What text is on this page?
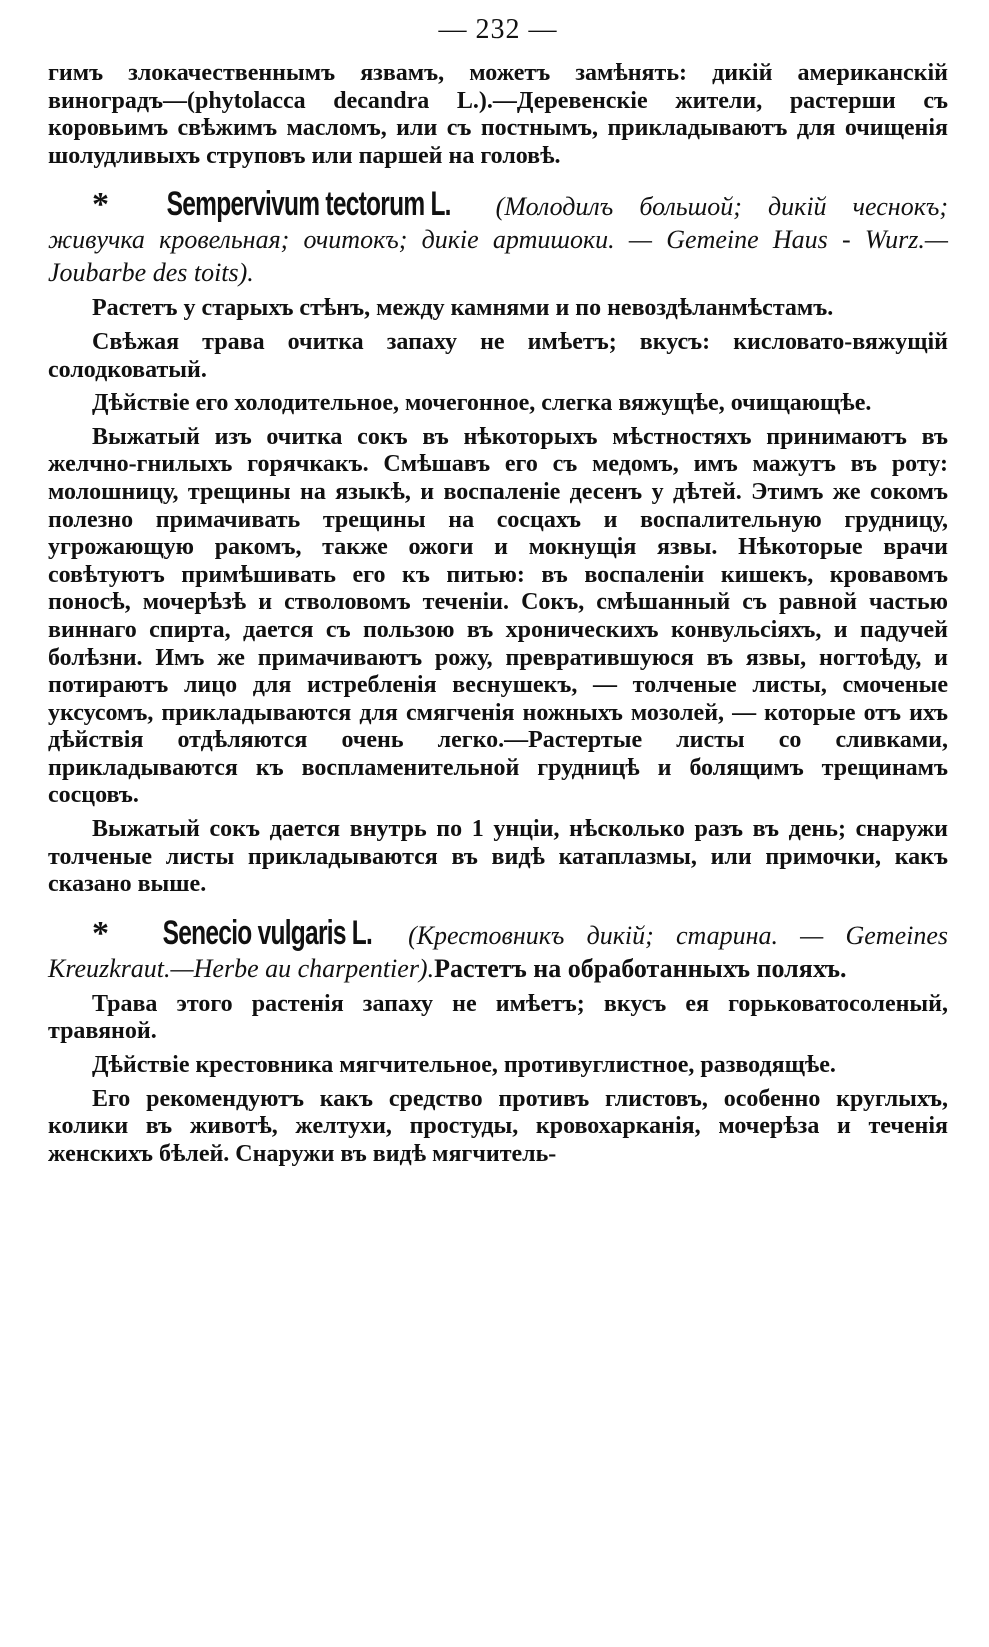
— 232 —

гимъ злокачественнымъ язвамъ, можетъ замѣнять: дикій американскій виноградъ—(phytolacca decandra L.).—Деревенскіе жители, растерши съ коровьимъ свѣжимъ масломъ, или съ постнымъ, прикладываютъ для очищенія шолудливыхъ струповъ или паршей на головѣ.

* Sempervivum tectorum L. (Молодилъ большой; дикій чеснокъ; живучка кровельная; очитокъ; дикіе артишоки. — Gemeine Haus - Wurz.—Joubarbe des toits).

Растетъ у старыхъ стѣнъ, между камнями и по невоздѣланмѣстамъ.

Свѣжая трава очитка запаху не имѣетъ; вкусъ: кисловато-вяжущій солодковатый.

Дѣйствіе его холодительное, мочегонное, слегка вяжущѣе, очищающѣе.

Выжатый изъ очитка сокъ въ нѣкоторыхъ мѣстностяхъ принимаютъ въ желчно-гнилыхъ горячкакъ. Смѣшавъ его съ медомъ, имъ мажутъ въ роту: молошницу, трещины на языкѣ, и воспаленіе десенъ у дѣтей. Этимъ же сокомъ полезно примачивать трещины на сосцахъ и воспалительную грудницу, угрожающую ракомъ, также ожоги и мокнущія язвы. Нѣкоторые врачи совѣтуютъ примѣшивать его къ питью: въ воспаленіи кишекъ, кровавомъ поносѣ, мочерѣзѣ и стволовомъ теченіи. Сокъ, смѣшанный съ равной частью виннаго спирта, дается съ пользою въ хроническихъ конвульсіяхъ, и падучей болѣзни. Имъ же примачиваютъ рожу, превратившуюся въ язвы, ногтоѣду, и потираютъ лицо для истребленія веснушекъ, — толченые листы, смоченые уксусомъ, прикладываются для смягченія ножныхъ мозолей, — которые отъ ихъ дѣйствія отдѣляются очень легко.—Растертые листы со сливками, прикладываются къ воспламенительной грудницѣ и болящимъ трещинамъ сосцовъ.

Выжатый сокъ дается внутрь по 1 унціи, нѣсколько разъ въ день; снаружи толченые листы прикладываются въ видѣ катаплазмы, или примочки, какъ сказано выше.

* Senecio vulgaris L. (Крестовникъ дикій; старина. — Gemeines Kreuzkraut.—Herbe au charpentier).Растетъ на обработанныхъ поляхъ.

Трава этого растенія запаху не имѣетъ; вкусъ ея горьковатосоленый, травяной.

Дѣйствіе крестовника мягчительное, противуглистное, разводящѣе.

Его рекомендуютъ какъ средство противъ глистовъ, особенно круглыхъ, колики въ животѣ, желтухи, простуды, кровохарканія, мочерѣза и теченія женскихъ бѣлей. Снаружи въ видѣ мягчитель-
